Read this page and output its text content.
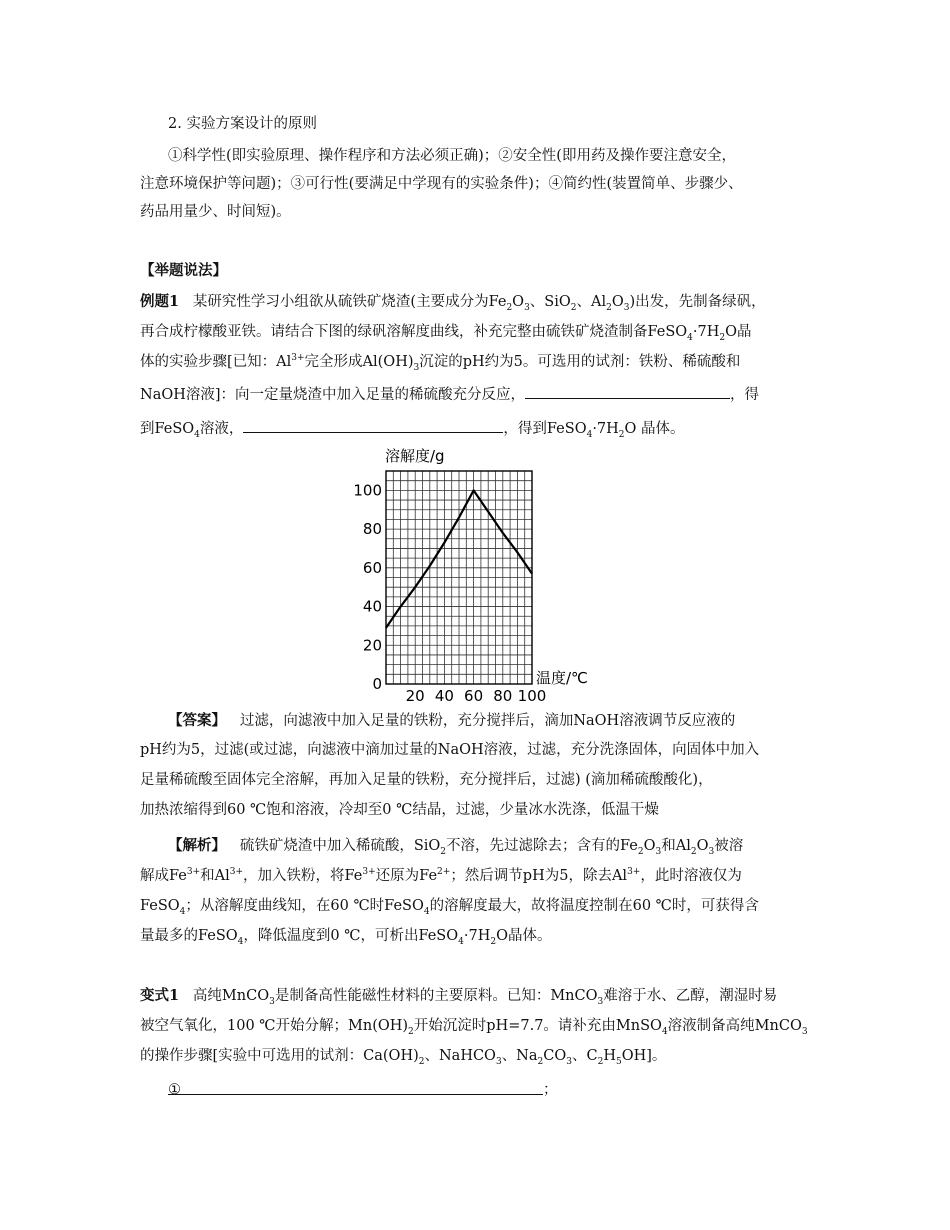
2. 实验方案设计的原则
①科学性(即实验原理、操作程序和方法必须正确)；②安全性(即用药及操作要注意安全，
注意环境保护等问题)；③可行性(要满足中学现有的实验条件)；④简约性(装置简单、步骤少、
药品用量少、时间短)。
【举题说法】
例题1 某研究性学习小组欲从硫铁矿烧渣(主要成分为$Fe_2O_3$、SiO$_2$、$Al_2O_3$)出发，先制备绿矾，
再合成柠檬酸亚铁。请结合下图的绿矾溶解度曲线，补充完整由硫铁矿烧渣制备$FeSO_4\cdot 7H_2O$晶
体的实验步骤[已知：$Al^{3+}$完全形成$Al(OH)_3$沉淀的pH约为5。可选用的试剂：铁粉、稀硫酸和
NaOH溶液]：向一定量烧渣中加入足量的稀硫酸充分反应，	，得
到FeSO$_4$溶液，	，得到$FeSO_4\cdot 7H_2O$ 晶体。
20 40 60 80 100
0
20
40
60
80
100
溶解度/g
温度/℃
【答案】 过滤，向滤液中加入足量的铁粉，充分搅拌后，滴加NaOH溶液调节反应液的
pH约为5，过滤(或过滤，向滤液中滴加过量的NaOH溶液，过滤，充分洗涤固体，向固体中加入
足量稀硫酸至固体完全溶解，再加入足量的铁粉，充分搅拌后，过滤) (滴加稀硫酸酸化)，
加热浓缩得到60 ℃饱和溶液，冷却至0 ℃结晶，过滤，少量冰水洗涤，低温干燥
【解析】 硫铁矿烧渣中加入稀硫酸，SiO$_2$不溶，先过滤除去；含有的$Fe_2O_3$和$Al_2O_3$被溶
解成$Fe^{3+}$和$Al^{3+}$，加入铁粉，将$Fe^{3+}$还原为$Fe^{2+}$；然后调节pH为5，除去$Al^{3+}$，此时溶液仅为
FeSO$_4$；从溶解度曲线知，在60 ℃时FeSO$_4$的溶解度最大，故将温度控制在60 ℃时，可获得含
量最多的FeSO$_4$，降低温度到0 ℃，可析出$FeSO_4\cdot 7H_2O$晶体。
变式1 高纯MnCO$_3$是制备高性能磁性材料的主要原料。已知：MnCO$_3$难溶于水、乙醇，潮湿时易
被空气氧化，100 ℃开始分解；$Mn(OH)_2$开始沉淀时pH=7.7。请补充由MnSO$_4$溶液制备高纯MnCO$_3$
的操作步骤[实验中可选用的试剂：$Ca(OH)_2$、NaHCO$_3$、$Na_2CO_3$、$C_2H_5OH$]。
①	；
